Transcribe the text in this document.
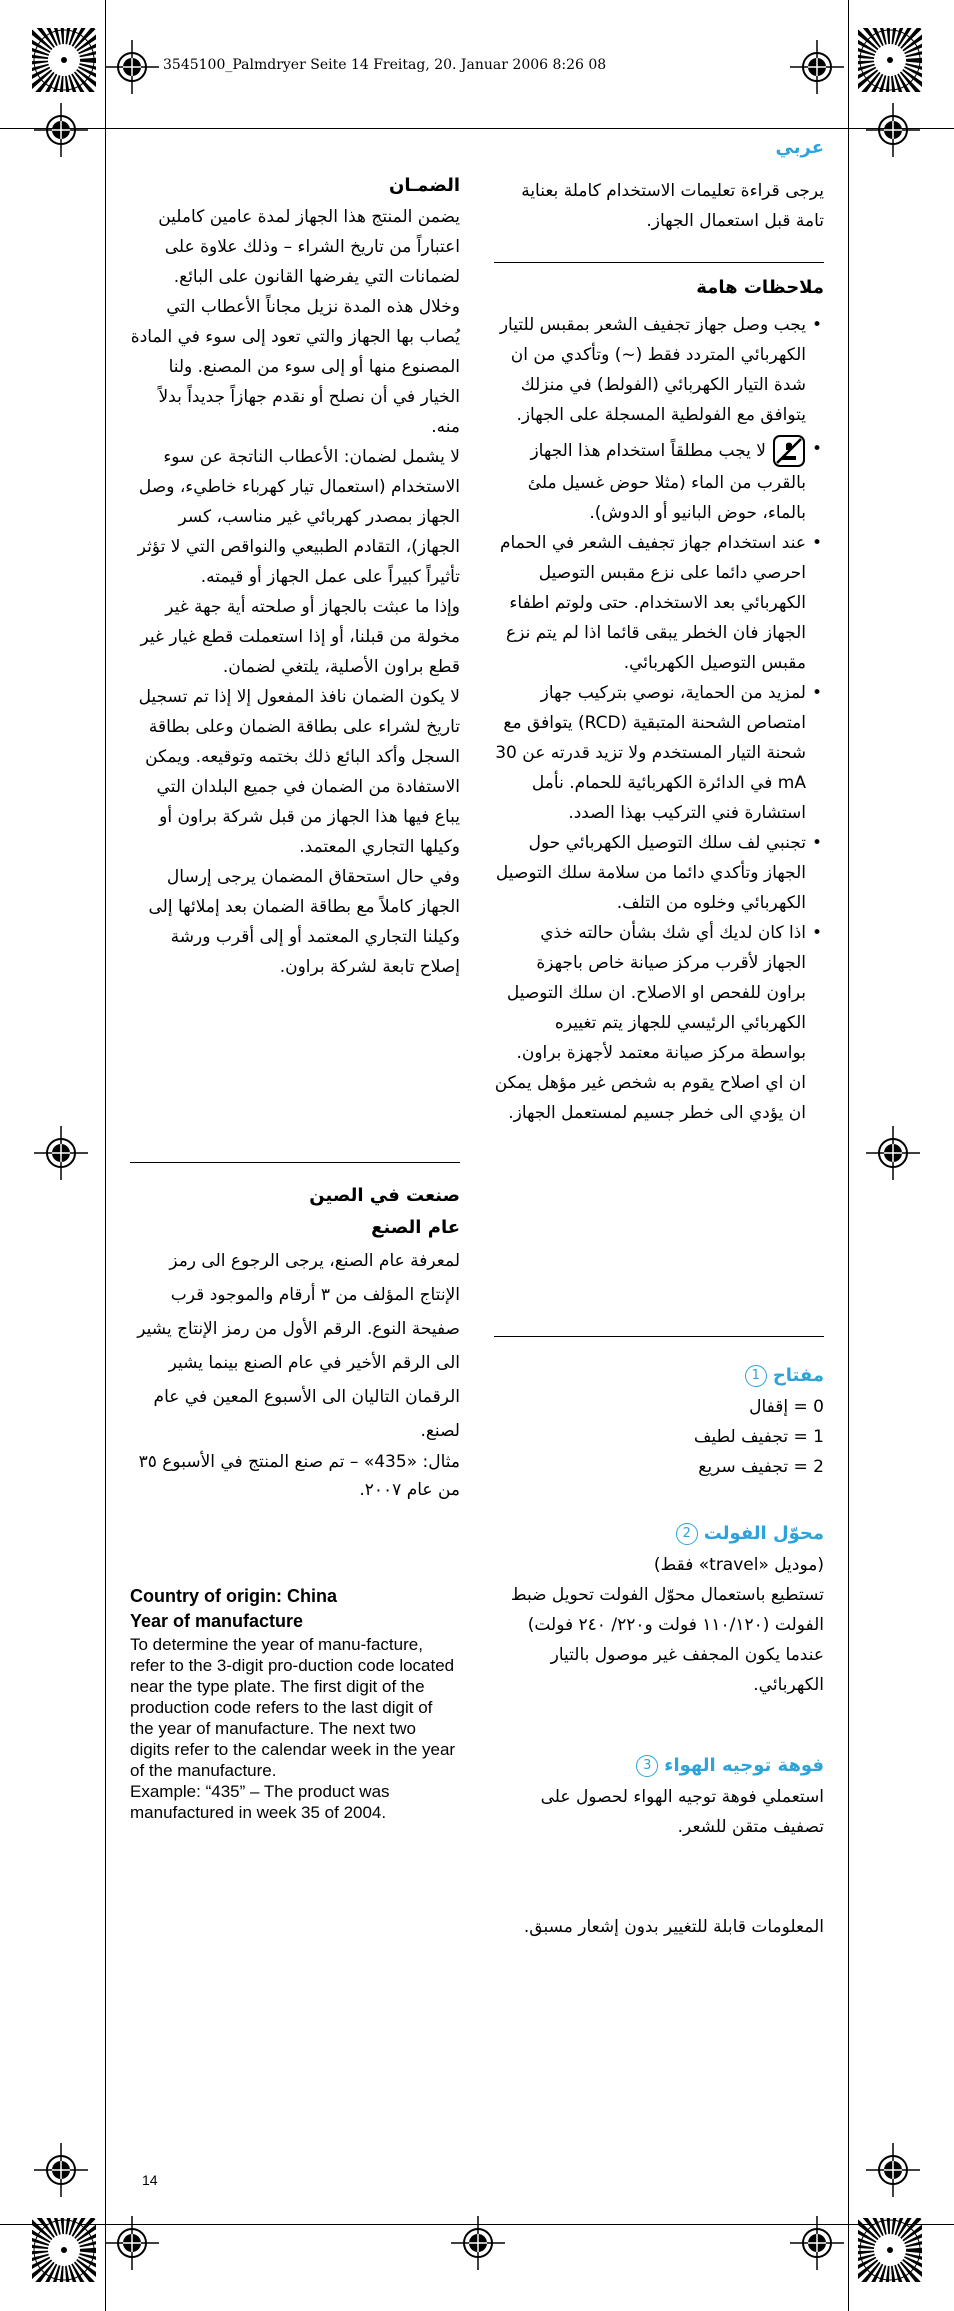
3545100_Palmdryer Seite 14 Freitag, 20. Januar 2006 8:26 08
عربي

يرجى قراءة تعليمات الاستخدام كاملة بعناية تامة قبل استعمال الجهاز.

ملاحظات هامة
• يجب وصل جهاز تجفيف الشعر بمقبس للتيار الكهربائي المتردد فقط (~) وتأكدي من ان شدة التيار الكهربائي (الفولط) في منزلك يتوافق مع الفولطية المسجلة على الجهاز.
• لا يجب مطلقاً استخدام هذا الجهاز بالقرب من الماء (مثلا حوض غسيل ملئ بالماء، حوض البانيو أو الدوش).
• عند استخدام جهاز تجفيف الشعر في الحمام احرصي دائما على نزع مقبس التوصيل الكهربائي بعد الاستخدام. حتى ولوتم اطفاء الجهاز فان الخطر يبقى قائما اذا لم يتم نزع مقبس التوصيل الكهربائي.
• لمزيد من الحماية، نوصي بتركيب جهاز امتصاص الشحنة المتبقية (RCD) يتوافق مع شحنة التيار المستخدم ولا تزيد قدرته عن 30 mA في الدائرة الكهربائية للحمام. نأمل استشارة فني التركيب بهذا الصدد.
• تجنبي لف سلك التوصيل الكهربائي حول الجهاز وتأكدي دائما من سلامة سلك التوصيل الكهربائي وخلوه من التلف.
• اذا كان لديك أي شك بشأن حالته خذي الجهاز لأقرب مركز صيانة خاص باجهزة براون للفحص او الاصلاح. ان سلك التوصيل الكهربائي الرئيسي للجهاز يتم تغييره بواسطة مركز صيانة معتمد لأجهزة براون. ان اي اصلاح يقوم به شخص غير مؤهل يمكن ان يؤدي الى خطر جسيم لمستعمل الجهاز.
مفتاح1

0 = إقفال

1 = تجفيف لطيف

2 = تجفيف سريع

محوّل الفولت2

(موديل «travel» فقط)

تستطيع باستعمال محوّل الفولت تحويل ضبط الفولت (١١٠/١٢٠ فولت و٢٢٠/ ٢٤٠ فولت) عندما يكون المجفف غير موصول بالتيار الكهربائي.

فوهة توجيه الهواء3

استعملي فوهة توجيه الهواء لحصول على تصفيف متقن للشعر.

المعلومات قابلة للتغيير بدون إشعار مسبق.

الضمـان

يضمن المنتج هذا الجهاز لمدة عامين كاملين اعتباراً من تاريخ الشراء – وذلك علاوة على لضمانات التي يفرضها القانون على البائع. وخلال هذه المدة نزيل مجاناً الأعطاب التي يُصاب بها الجهاز والتي تعود إلى سوء في المادة المصنوع منها أو إلى سوء من المصنع. ولنا الخيار في أن نصلح أو نقدم جهازاً جديداً بدلاً منه.

لا يشمل لضمان: الأعطاب الناتجة عن سوء الاستخدام (استعمال تيار كهرباء خاطيء، وصل الجهاز بمصدر كهربائي غير مناسب، كسر الجهاز)، التقادم الطبيعي والنواقص التي لا تؤثر تأثيراً كبيراً على عمل الجهاز أو قيمته.

وإذا ما عبثت بالجهاز أو صلحته أية جهة غير مخولة من قبلنا، أو إذا استعملت قطع غيار غير قطع براون الأصلية، يلتغي لضمان.

لا يكون الضمان نافذ المفعول إلا إذا تم تسجيل تاريخ لشراء على بطاقة الضمان وعلى بطاقة السجل وأكد البائع ذلك بختمه وتوقيعه. ويمكن الاستفادة من الضمان في جميع البلدان التي يباع فيها هذا الجهاز من قبل شركة براون أو وكيلها التجاري المعتمد.

وفي حال استحقاق المضمان يرجى إرسال الجهاز كاملاً مع بطاقة الضمان بعد إملائها إلى وكيلنا التجاري المعتمد أو إلى أقرب ورشة إصلاح تابعة لشركة براون.

صنعت في الصين
عام الصنع

لمعرفة عام الصنع، يرجى الرجوع الى رمز الإنتاج المؤلف من ٣ أرقام والموجود قرب صفيحة النوع. الرقم الأول من رمز الإنتاج يشير الى الرقم الأخير في عام الصنع بينما يشير الرقمان التاليان الى الأسبوع المعين في عام لصنع.

مثال: «435» – تم صنع المنتج في الأسبوع ٣٥ من عام ٢٠٠٧.

Country of origin: China
Year of manufacture

To determine the year of manu-facture, refer to the 3-digit pro-duction code located near the type plate. The first digit of the production code refers to the last digit of the year of manufacture. The next two digits refer to the calendar week in the year of the manufacture.

Example: “435” – The product was manufactured in week 35 of 2004.

14
